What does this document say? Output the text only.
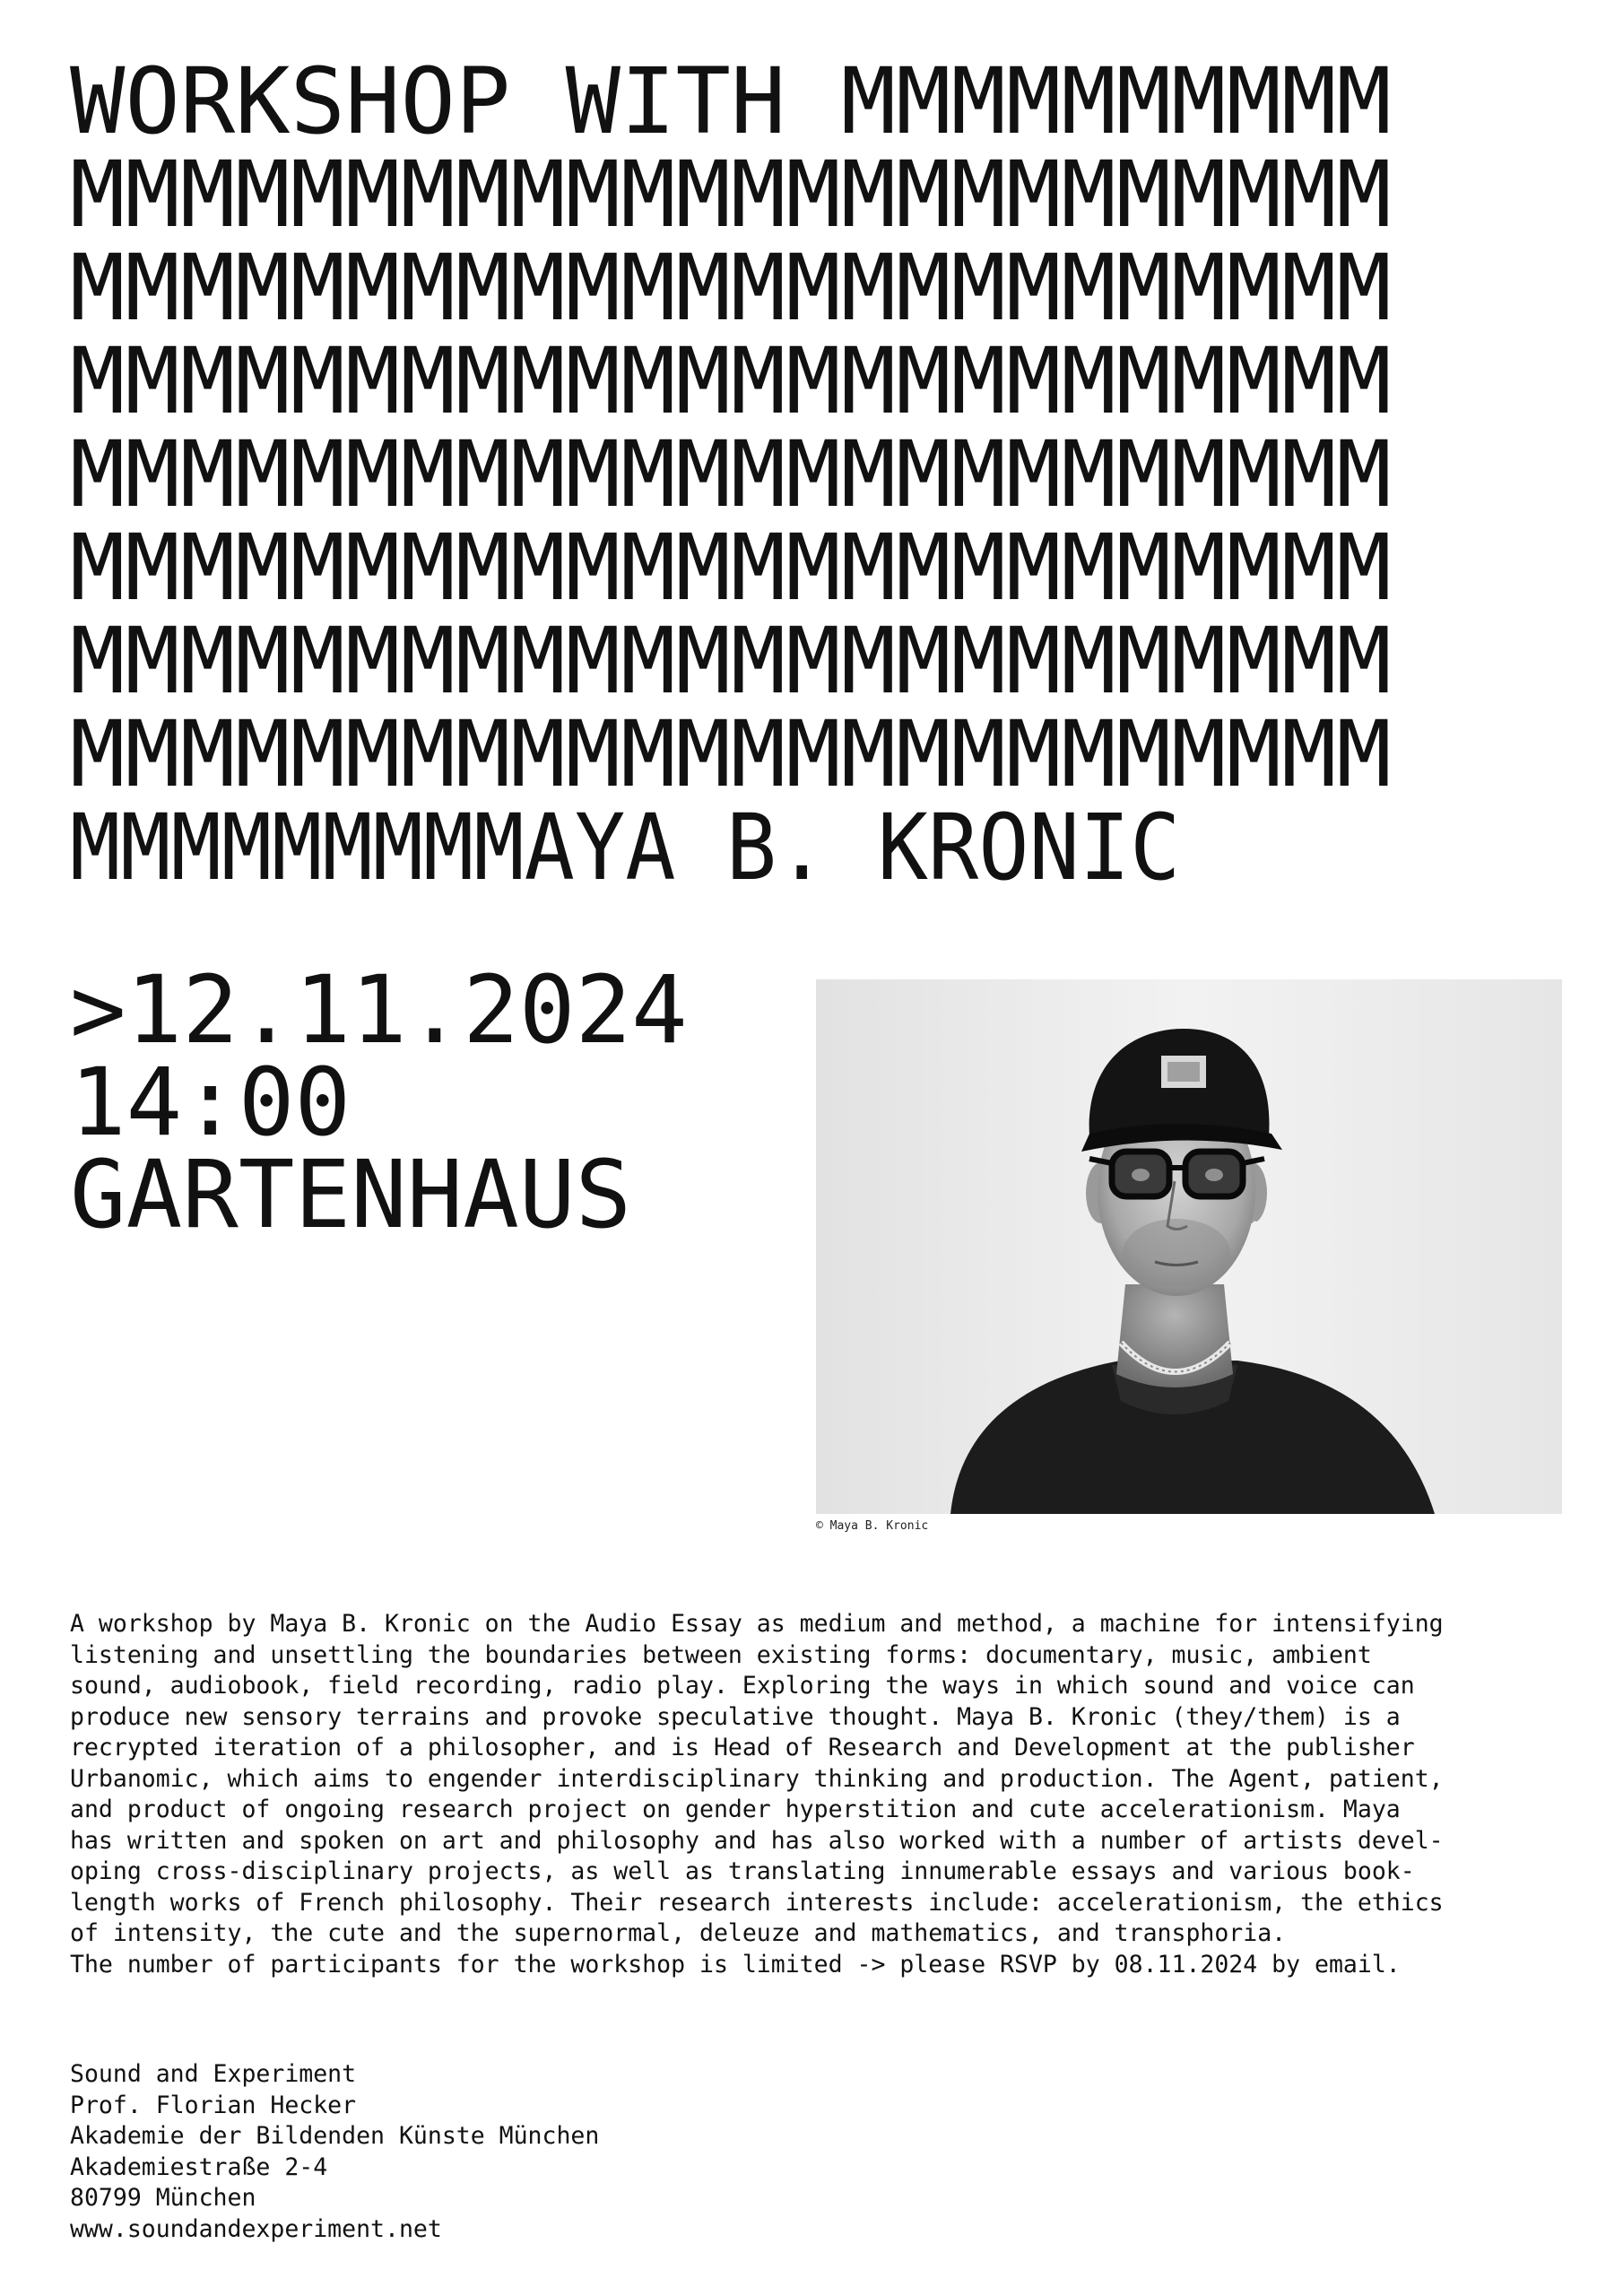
WORKSHOP WITH MMMMMMMMMM
MMMMMMMMMMMMMMMMMMMMMMMM
MMMMMMMMMMMMMMMMMMMMMMMM
MMMMMMMMMMMMMMMMMMMMMMMM
MMMMMMMMMMMMMMMMMMMMMMMM
MMMMMMMMMMMMMMMMMMMMMMMM
MMMMMMMMMMMMMMMMMMMMMMMM
MMMMMMMMMMMMMMMMMMMMMMMM
MMMMMMMMMAYA B. KRONIC
>12.11.2024
14:00
GARTENHAUS
© Maya B. Kronic
A workshop by Maya B. Kronic on the Audio Essay as medium and method, a machine for intensifying
listening and unsettling the boundaries between existing forms: documentary, music, ambient
sound, audiobook, field recording, radio play. Exploring the ways in which sound and voice can
produce new sensory terrains and provoke speculative thought. Maya B. Kronic (they/them) is a
recrypted iteration of a philosopher, and is Head of Research and Development at the publisher
Urbanomic, which aims to engender interdisciplinary thinking and production. The Agent, patient,
and product of ongoing research project on gender hyperstition and cute accelerationism. Maya
has written and spoken on art and philosophy and has also worked with a number of artists devel-
oping cross-disciplinary projects, as well as translating innumerable essays and various book-
length works of French philosophy. Their research interests include: accelerationism, the ethics
of intensity, the cute and the supernormal, deleuze and mathematics, and transphoria.
The number of participants for the workshop is limited -> please RSVP by 08.11.2024 by email.
Sound and Experiment
Prof. Florian Hecker
Akademie der Bildenden Künste München
Akademiestraße 2-4
80799 München
www.soundandexperiment.net
